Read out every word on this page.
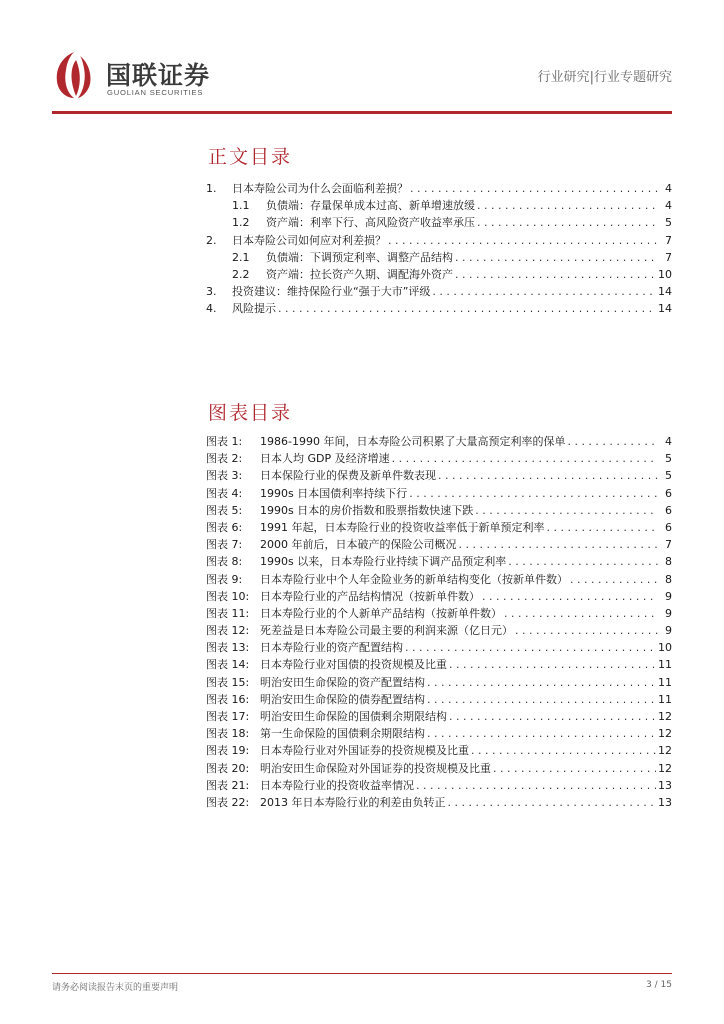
国联证券
GUOLIAN SECURITIES
行业研究|行业专题研究
正文目录
1.	日本寿险公司为什么会面临利差损？ . . .	4
1.1	负债端：存量保单成本过高、新单增速放缓 . . .	4
1.2	资产端：利率下行、高风险资产收益率承压 . . .	5
2.	日本寿险公司如何应对利差损？ . . .	7
2.1	负债端：下调预定利率、调整产品结构 . . .	7
2.2	资产端：拉长资产久期、调配海外资产 . . .	10
3.	投资建议：维持保险行业“强于大市”评级 . . .	14
4.	风险提示 . . .	14
图表目录
图表 1:	1986-1990 年间，日本寿险公司积累了大量高预定利率的保单 . . .	4
图表 2:	日本人均 GDP 及经济增速 . . .	5
图表 3:	日本保险行业的保费及新单件数表现 . . .	5
图表 4:	1990s 日本国债利率持续下行 . . .	6
图表 5:	1990s 日本的房价指数和股票指数快速下跌 . . .	6
图表 6:	1991 年起，日本寿险行业的投资收益率低于新单预定利率 . . .	6
图表 7:	2000 年前后，日本破产的保险公司概况 . . .	7
图表 8:	1990s 以来，日本寿险行业持续下调产品预定利率 . . .	8
图表 9:	日本寿险行业中个人年金险业务的新单结构变化（按新单件数） . . .	8
图表 10: 日本寿险行业的产品结构情况（按新单件数） . . .	9
图表 11: 日本寿险行业的个人新单产品结构（按新单件数） . . .	9
图表 12: 死差益是日本寿险公司最主要的利润来源（亿日元） . . .	9
图表 13: 日本寿险行业的资产配置结构 . . .	10
图表 14: 日本寿险行业对国债的投资规模及比重 . . .	11
图表 15: 明治安田生命保险的资产配置结构 . . .	11
图表 16: 明治安田生命保险的债券配置结构 . . .	11
图表 17: 明治安田生命保险的国债剩余期限结构 . . .	12
图表 18: 第一生命保险的国债剩余期限结构 . . .	12
图表 19: 日本寿险行业对外国证券的投资规模及比重 . . .	12
图表 20: 明治安田生命保险对外国证券的投资规模及比重 . . .	12
图表 21: 日本寿险行业的投资收益率情况 . . .	13
图表 22: 2013 年日本寿险行业的利差由负转正 . . .	13
请务必阅读报告末页的重要声明	3 / 15
